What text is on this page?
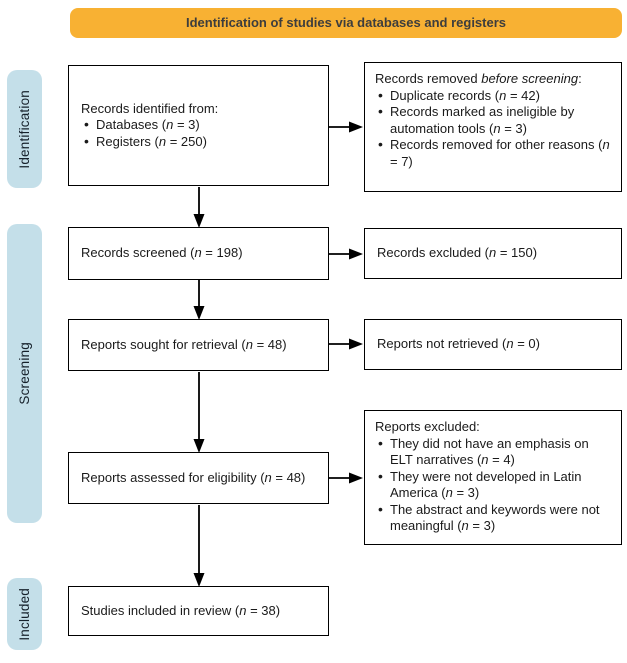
Identification of studies via databases and registers
Identification
Screening
Included
Records identified from:
• Databases (n = 3)
• Registers (n = 250)
Records removed before screening:
• Duplicate records (n = 42)
• Records marked as ineligible by automation tools (n = 3)
• Records removed for other reasons (n = 7)
Records screened (n = 198)	Records excluded (n = 150)
Reports sought for retrieval (n = 48)	Reports not retrieved (n = 0)
Reports assessed for eligibility (n = 48)
Reports excluded:
• They did not have an emphasis on ELT narratives (n = 4)
• They were not developed in Latin America (n = 3)
• The abstract and keywords were not meaningful (n = 3)
Studies included in review (n = 38)
